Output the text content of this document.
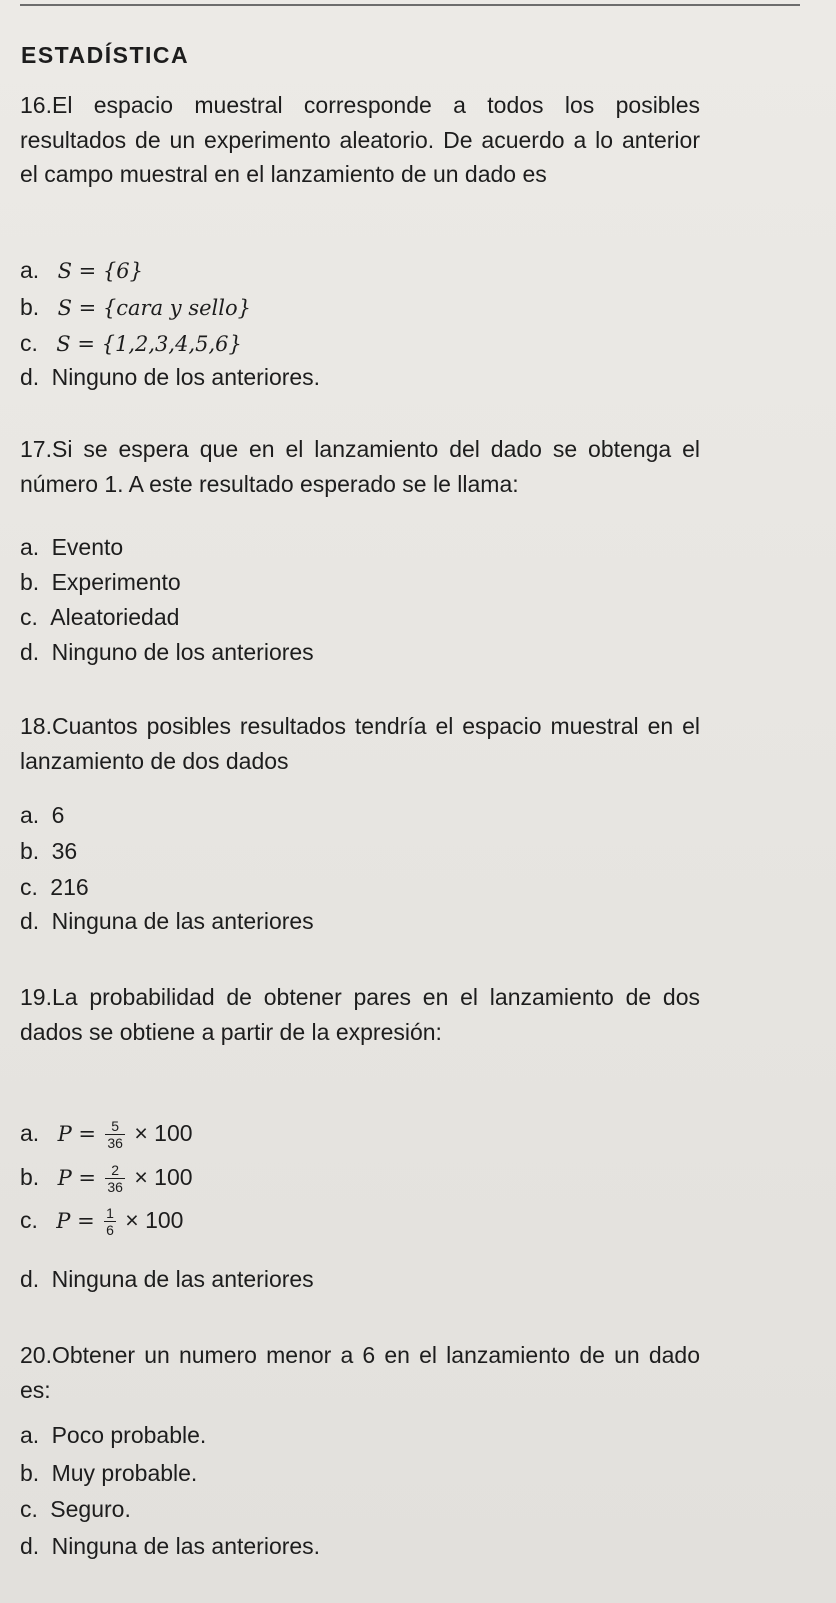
ESTADÍSTICA
16.El espacio muestral corresponde a todos los posibles resultados de un experimento aleatorio. De acuerdo a lo anterior el campo muestral en el lanzamiento de un dado es
a. S = {6}
b. S = {cara y sello}
c. S = {1,2,3,4,5,6}
d. Ninguno de los anteriores.
17.Si se espera que en el lanzamiento del dado se obtenga el número 1. A este resultado esperado se le llama:
a. Evento
b. Experimento
c. Aleatoriedad
d. Ninguno de los anteriores
18.Cuantos posibles resultados tendría el espacio muestral en el lanzamiento de dos dados
a. 6
b. 36
c. 216
d. Ninguna de las anteriores
19.La probabilidad de obtener pares en el lanzamiento de dos dados se obtiene a partir de la expresión:
a. $P = \frac{5}{36} \times 100$
b. $P = \frac{2}{36} \times 100$
c. $P = \frac{1}{6} \times 100$
d. Ninguna de las anteriores
20.Obtener un numero menor a 6 en el lanzamiento de un dado es:
a. Poco probable.
b. Muy probable.
c. Seguro.
d. Ninguna de las anteriores.
